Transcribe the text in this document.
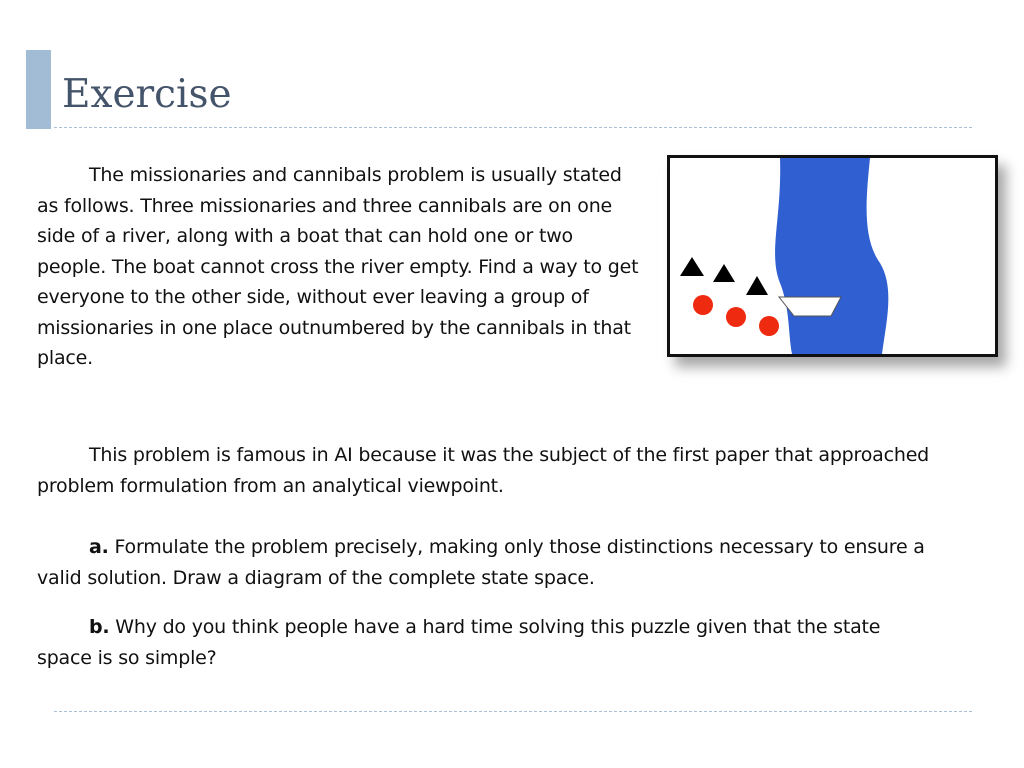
Exercise

The missionaries and cannibals problem is usually stated as follows. Three missionaries and three cannibals are on one side of a river, along with a boat that can hold one or two people. The boat cannot cross the river empty. Find a way to get everyone to the other side, without ever leaving a group of missionaries in one place outnumbered by the cannibals in that place.

This problem is famous in AI because it was the subject of the first paper that approached problem formulation from an analytical viewpoint.

a. Formulate the problem precisely, making only those distinctions necessary to ensure a valid solution. Draw a diagram of the complete state space.

b. Why do you think people have a hard time solving this puzzle given that the state space is so simple?
